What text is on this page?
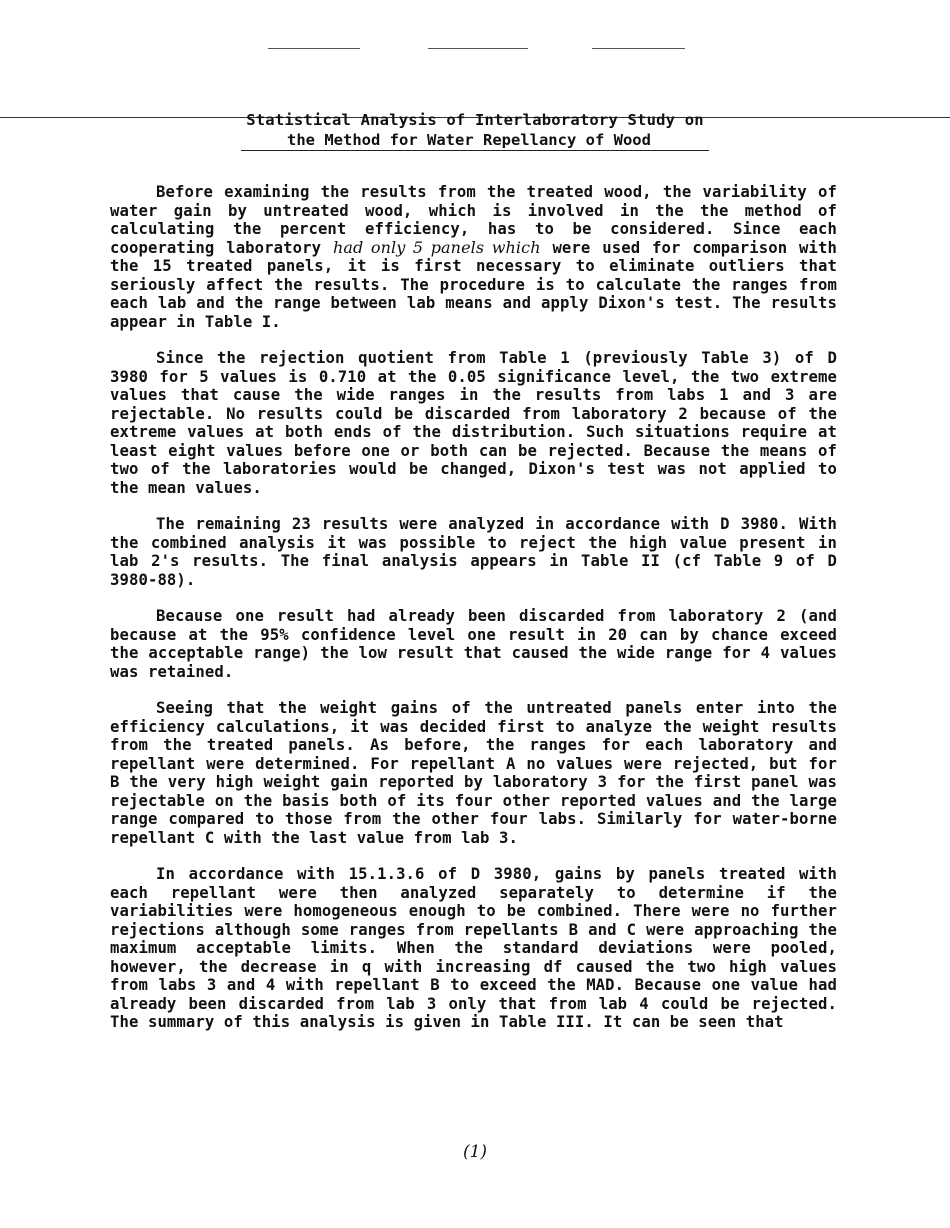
Statistical Analysis of Interlaboratory Study on
the Method for Water Repellancy of Wood

Before examining the results from the treated wood, the variability of water gain by untreated wood, which is involved in the the method of calculating the percent efficiency, has to be considered. Since each cooperating laboratory had only 5 panels which were used for comparison with the 15 treated panels, it is first necessary to eliminate outliers that seriously affect the results. The procedure is to calculate the ranges from each lab and the range between lab means and apply Dixon's test. The results appear in Table I.

Since the rejection quotient from Table 1 (previously Table 3) of D 3980 for 5 values is 0.710 at the 0.05 significance level, the two extreme values that cause the wide ranges in the results from labs 1 and 3 are rejectable. No results could be discarded from laboratory 2 because of the extreme values at both ends of the distribution. Such situations require at least eight values before one or both can be rejected. Because the means of two of the laboratories would be changed, Dixon's test was not applied to the mean values.

The remaining 23 results were analyzed in accordance with D 3980. With the combined analysis it was possible to reject the high value present in lab 2's results. The final analysis appears in Table II (cf Table 9 of D 3980-88).

Because one result had already been discarded from laboratory 2 (and because at the 95% confidence level one result in 20 can by chance exceed the acceptable range) the low result that caused the wide range for 4 values was retained.

Seeing that the weight gains of the untreated panels enter into the efficiency calculations, it was decided first to analyze the weight results from the treated panels. As before, the ranges for each laboratory and repellant were determined. For repellant A no values were rejected, but for B the very high weight gain reported by laboratory 3 for the first panel was rejectable on the basis both of its four other reported values and the large range compared to those from the other four labs. Similarly for water-borne repellant C with the last value from lab 3.

In accordance with 15.1.3.6 of D 3980, gains by panels treated with each repellant were then analyzed separately to determine if the variabilities were homogeneous enough to be combined. There were no further rejections although some ranges from repellants B and C were approaching the maximum acceptable limits. When the standard deviations were pooled, however, the decrease in q with increasing df caused the two high values from labs 3 and 4 with repellant B to exceed the MAD. Because one value had already been discarded from lab 3 only that from lab 4 could be rejected. The summary of this analysis is given in Table III. It can be seen that

(1)
